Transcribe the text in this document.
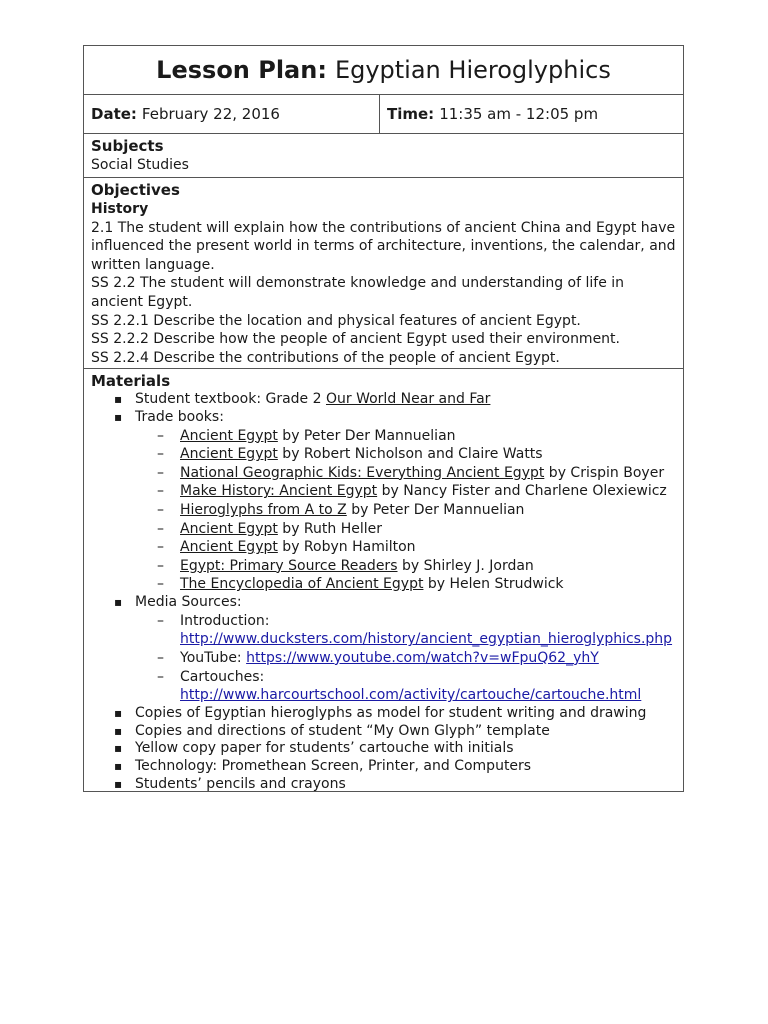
Lesson Plan: Egyptian Hieroglyphics
Date: February 22, 2016	Time: 11:35 am - 12:05 pm
Subjects
Social Studies
Objectives
History

2.1 The student will explain how the contributions of ancient China and Egypt have influenced the present world in terms of architecture, inventions, the calendar, and written language.

SS 2.2 The student will demonstrate knowledge and understanding of life in ancient Egypt.

SS 2.2.1 Describe the location and physical features of ancient Egypt.

SS 2.2.2 Describe how the people of ancient Egypt used their environment.

SS 2.2.4 Describe the contributions of the people of ancient Egypt.

Materials
▪ Student textbook: Grade 2 Our World Near and Far
▪ Trade books:
– Ancient Egypt by Peter Der Mannuelian
– Ancient Egypt by Robert Nicholson and Claire Watts
– National Geographic Kids: Everything Ancient Egypt by Crispin Boyer
– Make History: Ancient Egypt by Nancy Fister and Charlene Olexiewicz
– Hieroglyphs from A to Z by Peter Der Mannuelian
– Ancient Egypt by Ruth Heller
– Ancient Egypt by Robyn Hamilton
– Egypt: Primary Source Readers by Shirley J. Jordan
– The Encyclopedia of Ancient Egypt by Helen Strudwick
▪ Media Sources:
– Introduction:
http://www.ducksters.com/history/ancient_egyptian_hieroglyphics.php
– YouTube: https://www.youtube.com/watch?v=wFpuQ62_yhY
– Cartouches:
http://www.harcourtschool.com/activity/cartouche/cartouche.html
▪ Copies of Egyptian hieroglyphs as model for student writing and drawing
▪ Copies and directions of student “My Own Glyph” template
▪ Yellow copy paper for students’ cartouche with initials
▪ Technology: Promethean Screen, Printer, and Computers
▪ Students’ pencils and crayons
